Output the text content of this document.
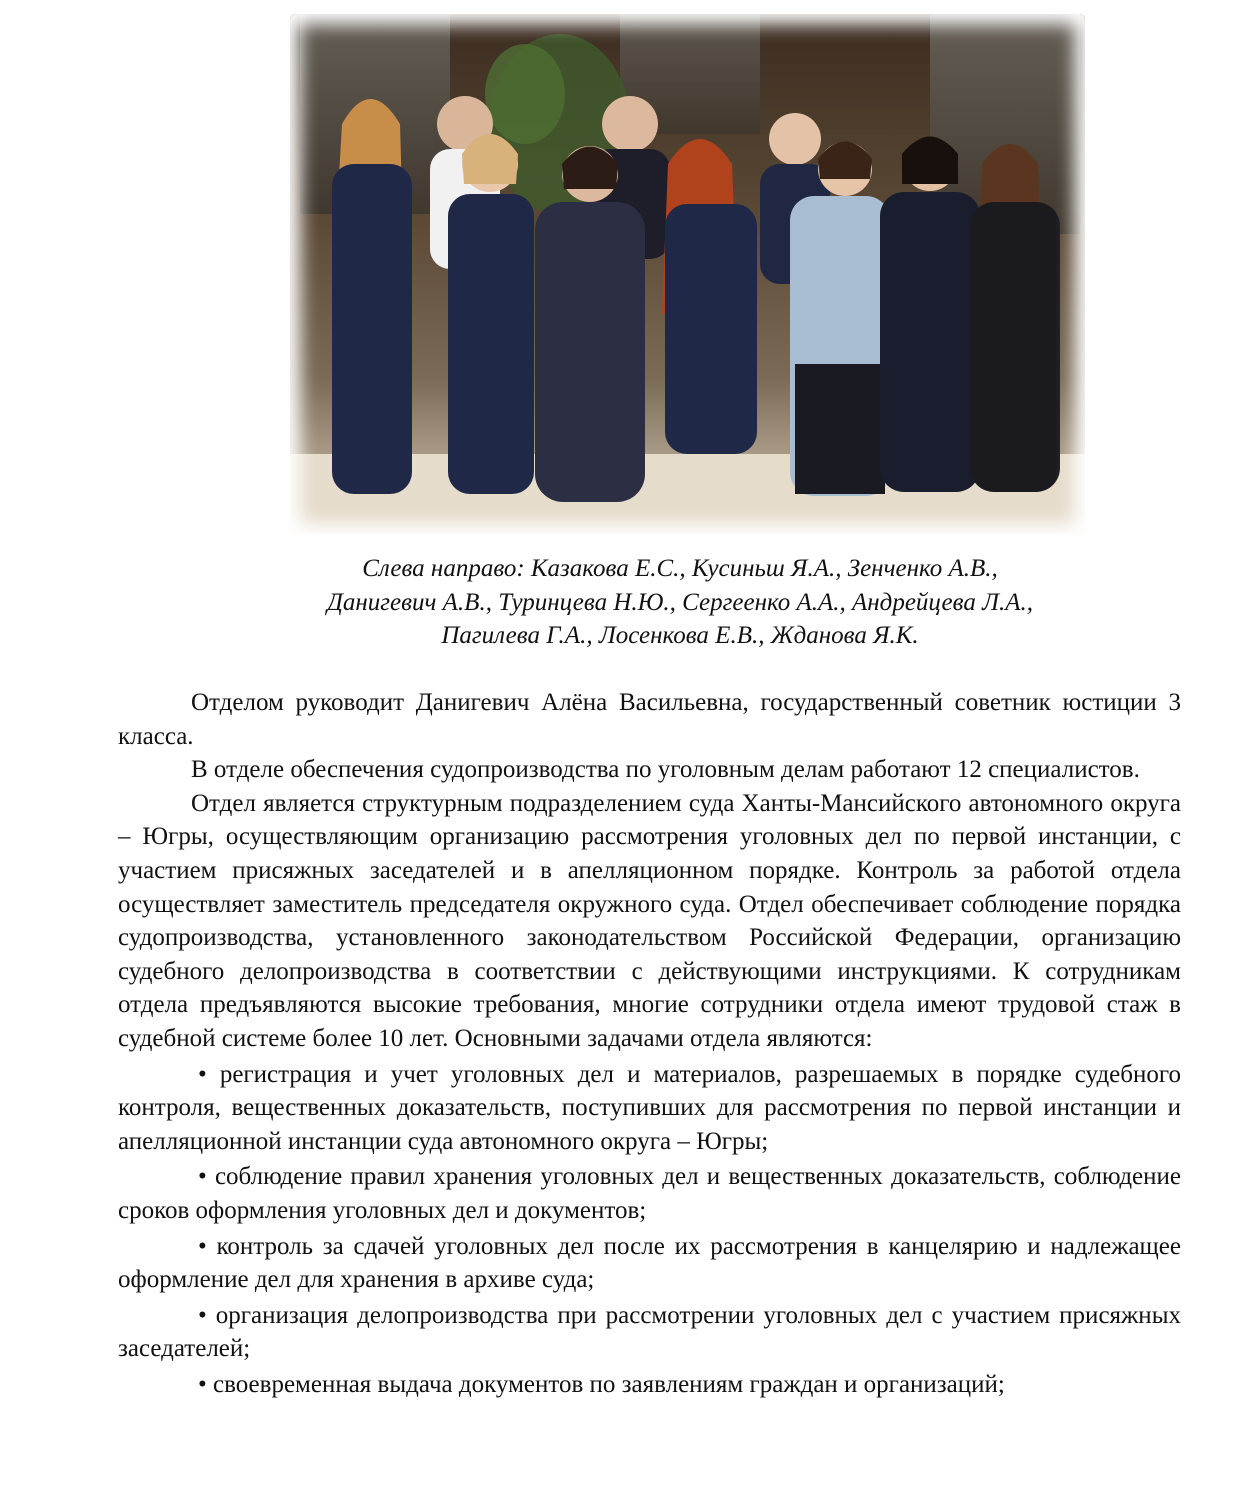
Слева направо: Казакова Е.С., Кусиньш Я.А., Зенченко А.В.,
Данигевич А.В., Туринцева Н.Ю., Сергеенко А.А., Андрейцева Л.А.,
Пагилева Г.А., Лосенкова Е.В., Жданова Я.К.

Отделом руководит Данигевич Алёна Васильевна, государственный советник юстиции 3 класса.

В отделе обеспечения судопроизводства по уголовным делам работают 12 специалистов.

Отдел является структурным подразделением суда Ханты-Мансийского автономного округа – Югры, осуществляющим организацию рассмотрения уголовных дел по первой инстанции, с участием присяжных заседателей и в апелляционном порядке. Контроль за работой отдела осуществляет заместитель председателя окружного суда. Отдел обеспечивает соблюдение порядка судопроизводства, установленного законодательством Российской Федерации, организацию судебного делопроизводства в соответствии с действующими инструкциями. К сотрудникам отдела предъявляются высокие требования, многие сотрудники отдела имеют трудовой стаж в судебной системе более 10 лет. Основными задачами отдела являются:

• регистрация и учет уголовных дел и материалов, разрешаемых в порядке судебного контроля, вещественных доказательств, поступивших для рассмотрения по первой инстанции и апелляционной инстанции суда автономного округа – Югры;
• соблюдение правил хранения уголовных дел и вещественных доказательств, соблюдение сроков оформления уголовных дел и документов;
• контроль за сдачей уголовных дел после их рассмотрения в канцелярию и надлежащее оформление дел для хранения в архиве суда;
• организация делопроизводства при рассмотрении уголовных дел с участием присяжных заседателей;
• своевременная выдача документов по заявлениям граждан и организаций;
